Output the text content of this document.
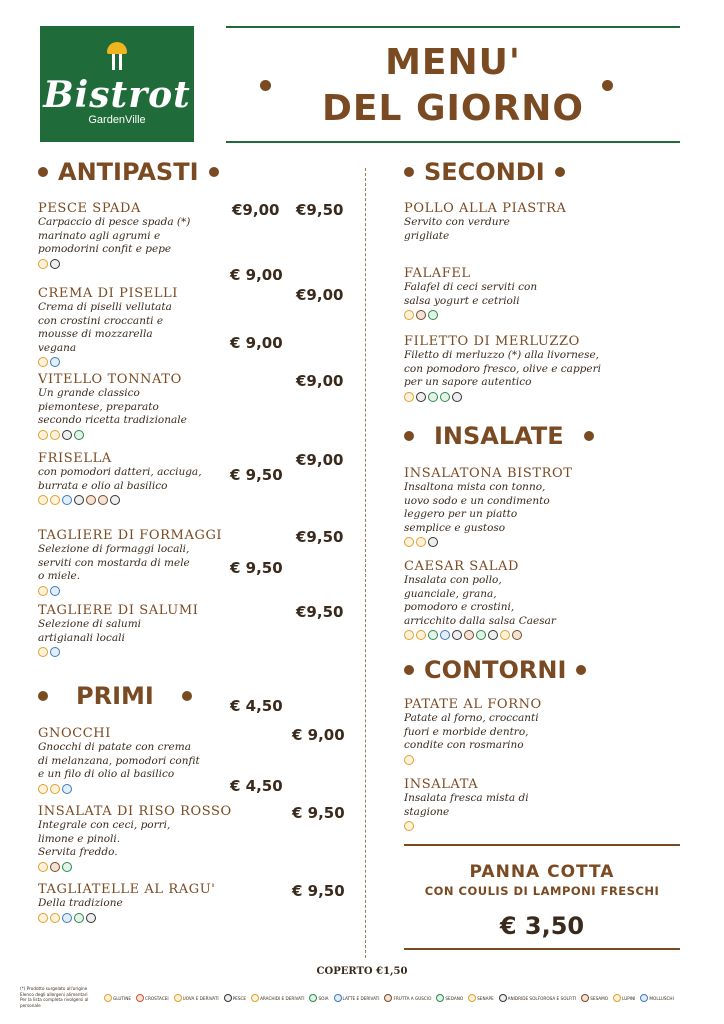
Bistrot
GardenVille
MENU'
DEL GIORNO
ANTIPASTI
PRIMI
SECONDI
INSALATE
CONTORNI
PESCE SPADA
Carpaccio di pesce spada (*)
marinato agli agrumi e
pomodorini confit e pepe
€9,50
CREMA DI PISELLI
Crema di piselli vellutata
con crostini croccanti e
mousse di mozzarella
vegana
€9,00
VITELLO TONNATO
Un grande classico
piemontese, preparato
secondo ricetta tradizionale
€9,00
FRISELLA
con pomodori datteri, acciuga,
burrata e olio al basilico
€9,00
TAGLIERE DI FORMAGGI
Selezione di formaggi locali,
serviti con mostarda di mele
o miele.
€9,50
TAGLIERE DI SALUMI
Selezione di salumi
artigianali locali
€9,50
GNOCCHI
Gnocchi di patate con crema
di melanzana, pomodori confit
e un filo di olio al basilico
€ 9,00
INSALATA DI RISO ROSSO
Integrale con ceci, porri,
limone e pinoli.
Servita freddo.
€ 9,50
TAGLIATELLE AL RAGU'
Della tradizione
€ 9,50
POLLO ALLA PIASTRA
Servito con verdure
grigliate
€9,00
FALAFEL
Falafel di ceci serviti con
salsa yogurt e cetrioli
€ 9,00
FILETTO DI MERLUZZO
Filetto di merluzzo (*) alla livornese,
con pomodoro fresco, olive e capperi
per un sapore autentico
€ 9,00
INSALATONA BISTROT
Insaltona mista con tonno,
uovo sodo e un condimento
leggero per un piatto
semplice e gustoso
€ 9,50
CAESAR SALAD
Insalata con pollo,
guanciale, grana,
pomodoro e crostini,
arricchito dalla salsa Caesar
€ 9,50
PATATE AL FORNO
Patate al forno, croccanti
fuori e morbide dentro,
condite con rosmarino
€ 4,50
INSALATA
Insalata fresca mista di
stagione
€ 4,50
PANNA COTTA
CON COULIS DI LAMPONI FRESCHI
€ 3,50
COPERTO €1,50
(*) Prodotto surgelato all'origine
Elenco degli allergeni alimentari
Per la lista completa rivolgersi al personale
GLUTINE	CROSTACEI	UOVA E DERIVATI	PESCE	ARACHIDI E DERIVATI	SOIA	LATTE E DERIVATI	FRUTTA A GUSCIO	SEDANO	SENAPE	ANIDRIDE SOLFOROSA E SOLFITI	SESAMO	LUPINI	MOLLUSCHI
